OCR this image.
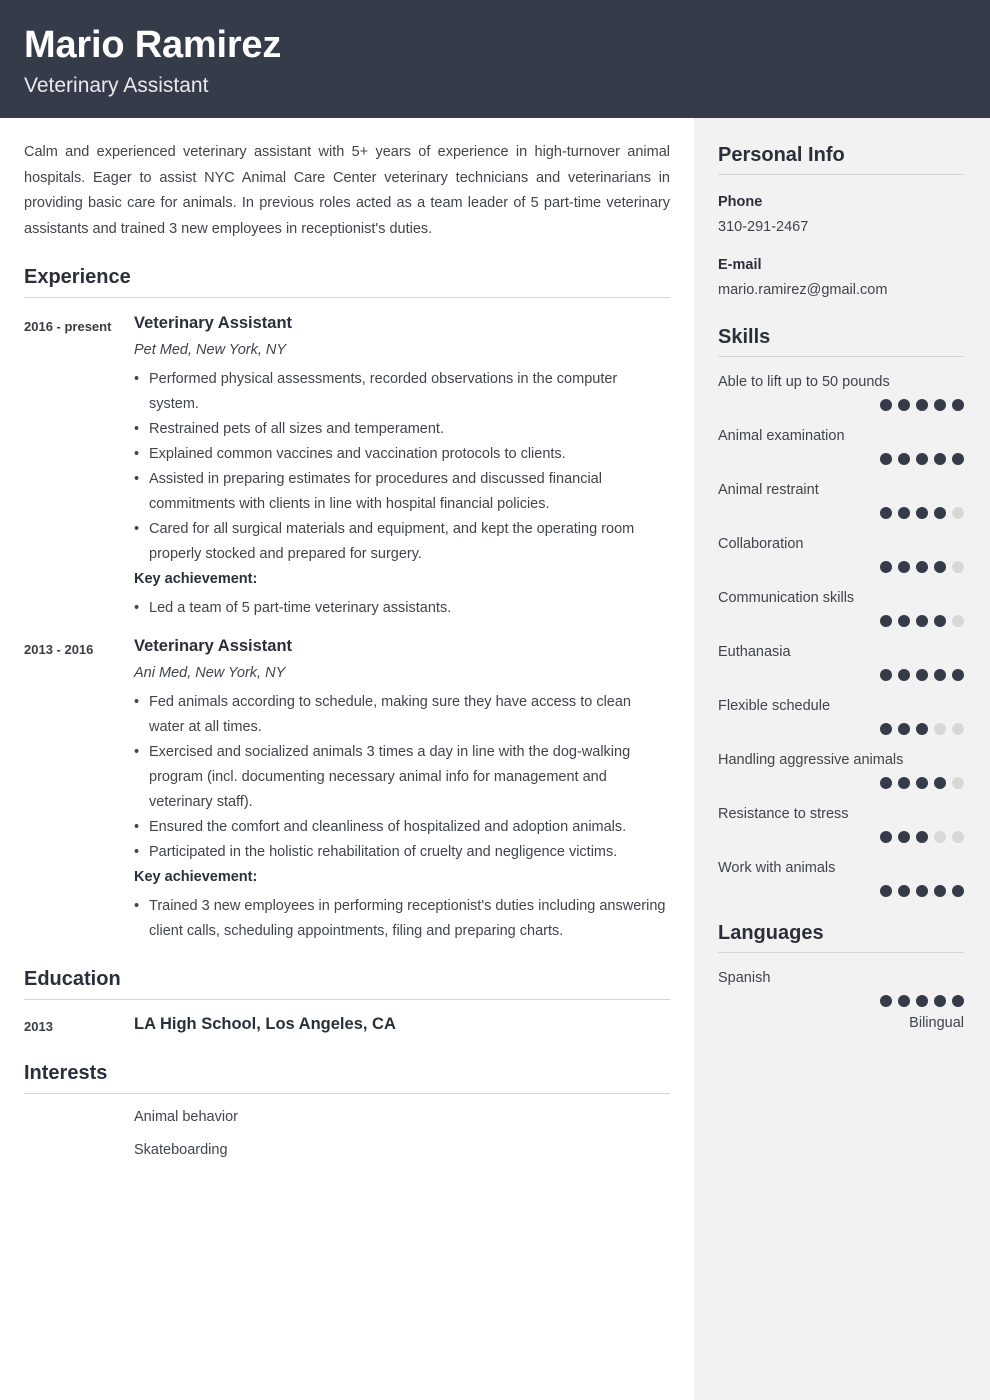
Mario Ramirez
Veterinary Assistant
Calm and experienced veterinary assistant with 5+ years of experience in high-turnover animal hospitals. Eager to assist NYC Animal Care Center veterinary technicians and veterinarians in providing basic care for animals. In previous roles acted as a team leader of 5 part-time veterinary assistants and trained 3 new employees in receptionist's duties.
Experience
2016 - present	Veterinary Assistant
Pet Med, New York, NY
• Performed physical assessments, recorded observations in the computer system.
• Restrained pets of all sizes and temperament.
• Explained common vaccines and vaccination protocols to clients.
• Assisted in preparing estimates for procedures and discussed financial commitments with clients in line with hospital financial policies.
• Cared for all surgical materials and equipment, and kept the operating room properly stocked and prepared for surgery.
Key achievement:
• Led a team of 5 part-time veterinary assistants.
2013 - 2016	Veterinary Assistant
Ani Med, New York, NY
• Fed animals according to schedule, making sure they have access to clean water at all times.
• Exercised and socialized animals 3 times a day in line with the dog-walking program (incl. documenting necessary animal info for management and veterinary staff).
• Ensured the comfort and cleanliness of hospitalized and adoption animals.
• Participated in the holistic rehabilitation of cruelty and negligence victims.
Key achievement:
• Trained 3 new employees in performing receptionist's duties including answering client calls, scheduling appointments, filing and preparing charts.
Education
2013	LA High School, Los Angeles, CA
Interests
Animal behavior
Skateboarding
Personal Info
Phone
310-291-2467
E-mail
mario.ramirez@gmail.com
Skills
Able to lift up to 50 pounds
Animal examination
Animal restraint
Collaboration
Communication skills
Euthanasia
Flexible schedule
Handling aggressive animals
Resistance to stress
Work with animals
Languages
Spanish
Bilingual
